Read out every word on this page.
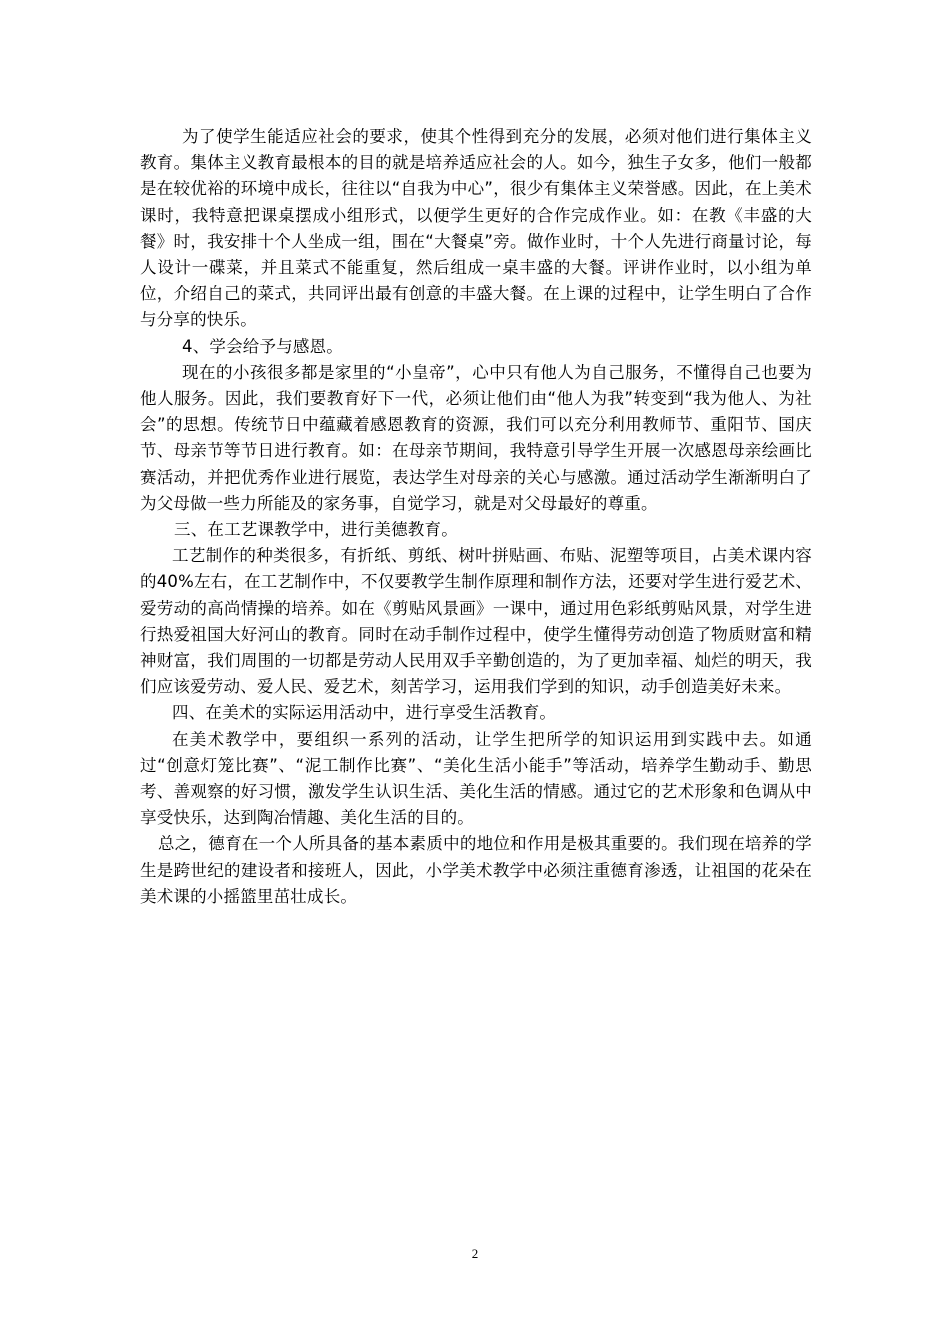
为了使学生能适应社会的要求，使其个性得到充分的发展，必须对他们进行集体主义教育。集体主义教育最根本的目的就是培养适应社会的人。如今，独生子女多，他们一般都是在较优裕的环境中成长，往往以“自我为中心”，很少有集体主义荣誉感。因此，在上美术课时，我特意把课桌摆成小组形式，以便学生更好的合作完成作业。如：在教《丰盛的大餐》时，我安排十个人坐成一组，围在“大餐桌”旁。做作业时，十个人先进行商量讨论，每人设计一碟菜，并且菜式不能重复，然后组成一桌丰盛的大餐。评讲作业时，以小组为单位，介绍自己的菜式，共同评出最有创意的丰盛大餐。在上课的过程中，让学生明白了合作与分享的快乐。

4、学会给予与感恩。

现在的小孩很多都是家里的“小皇帝”，心中只有他人为自己服务，不懂得自己也要为他人服务。因此，我们要教育好下一代，必须让他们由“他人为我”转变到“我为他人、为社会”的思想。传统节日中蕴藏着感恩教育的资源，我们可以充分利用教师节、重阳节、国庆节、母亲节等节日进行教育。如：在母亲节期间，我特意引导学生开展一次感恩母亲绘画比赛活动，并把优秀作业进行展览，表达学生对母亲的关心与感激。通过活动学生渐渐明白了为父母做一些力所能及的家务事，自觉学习，就是对父母最好的尊重。

三、在工艺课教学中，进行美德教育。

工艺制作的种类很多，有折纸、剪纸、树叶拼贴画、布贴、泥塑等项目，占美术课内容的40%左右，在工艺制作中，不仅要教学生制作原理和制作方法，还要对学生进行爱艺术、爱劳动的高尚情操的培养。如在《剪贴风景画》一课中，通过用色彩纸剪贴风景，对学生进行热爱祖国大好河山的教育。同时在动手制作过程中，使学生懂得劳动创造了物质财富和精神财富，我们周围的一切都是劳动人民用双手辛勤创造的，为了更加幸福、灿烂的明天，我们应该爱劳动、爱人民、爱艺术，刻苦学习，运用我们学到的知识，动手创造美好未来。

四、在美术的实际运用活动中，进行享受生活教育。

在美术教学中，要组织一系列的活动，让学生把所学的知识运用到实践中去。如通过“创意灯笼比赛”、“泥工制作比赛”、“美化生活小能手”等活动，培养学生勤动手、勤思考、善观察的好习惯，激发学生认识生活、美化生活的情感。通过它的艺术形象和色调从中享受快乐，达到陶冶情趣、美化生活的目的。

总之，德育在一个人所具备的基本素质中的地位和作用是极其重要的。我们现在培养的学生是跨世纪的建设者和接班人，因此，小学美术教学中必须注重德育渗透，让祖国的花朵在美术课的小摇篮里茁壮成长。

2
